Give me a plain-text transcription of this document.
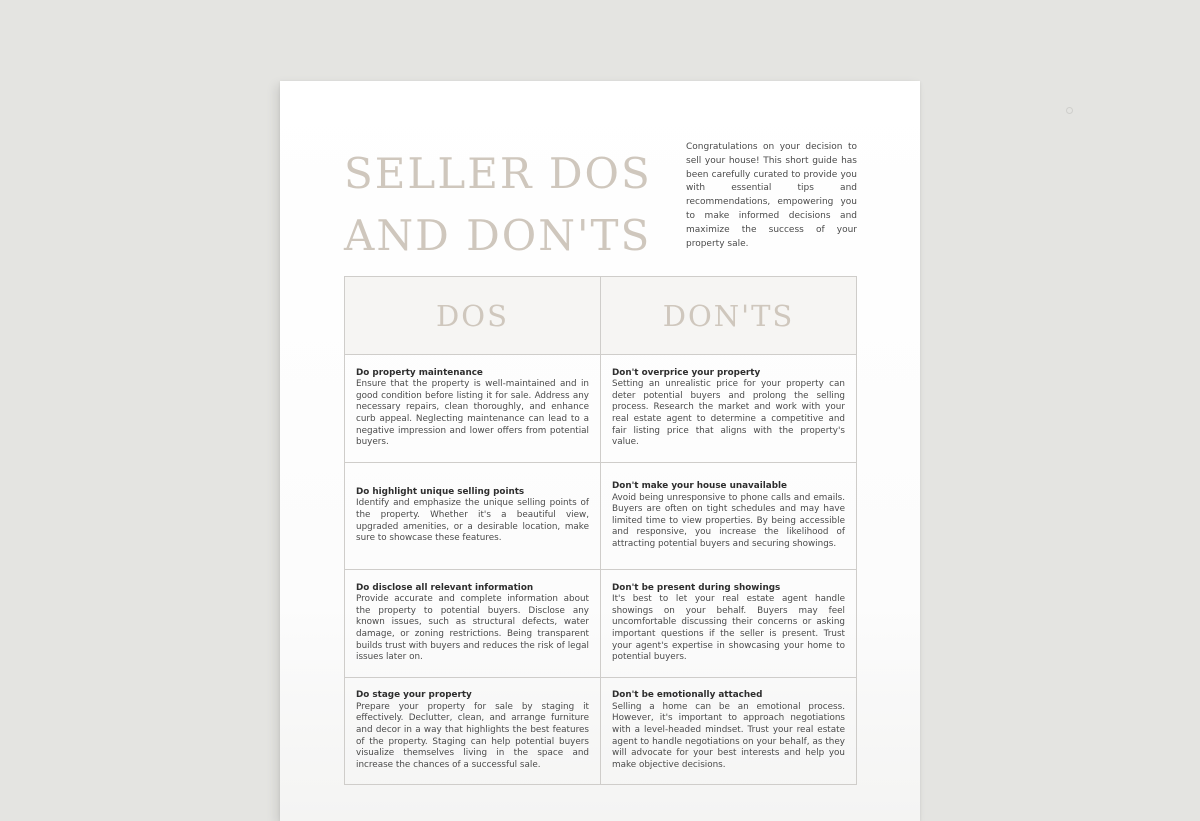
SELLER DOS
AND DON'TS

Congratulations on your decision to sell your house! This short guide has been carefully curated to provide you with essential tips and recommendations, empowering you to make informed decisions and maximize the success of your property sale.

DOS	DON'TS
Do property maintenance
Ensure that the property is well-maintained and in good condition before listing it for sale. Address any necessary repairs, clean thoroughly, and enhance curb appeal. Neglecting maintenance can lead to a negative impression and lower offers from potential buyers.
Don't overprice your property
Setting an unrealistic price for your property can deter potential buyers and prolong the selling process. Research the market and work with your real estate agent to determine a competitive and fair listing price that aligns with the property's value.
Do highlight unique selling points
Identify and emphasize the unique selling points of the property. Whether it's a beautiful view, upgraded amenities, or a desirable location, make sure to showcase these features.
Don't make your house unavailable
Avoid being unresponsive to phone calls and emails. Buyers are often on tight schedules and may have limited time to view properties. By being accessible and responsive, you increase the likelihood of attracting potential buyers and securing showings.
Do disclose all relevant information
Provide accurate and complete information about the property to potential buyers. Disclose any known issues, such as structural defects, water damage, or zoning restrictions. Being transparent builds trust with buyers and reduces the risk of legal issues later on.
Don't be present during showings
It's best to let your real estate agent handle showings on your behalf. Buyers may feel uncomfortable discussing their concerns or asking important questions if the seller is present. Trust your agent's expertise in showcasing your home to potential buyers.
Do stage your property
Prepare your property for sale by staging it effectively. Declutter, clean, and arrange furniture and decor in a way that highlights the best features of the property. Staging can help potential buyers visualize themselves living in the space and increase the chances of a successful sale.
Don't be emotionally attached
Selling a home can be an emotional process. However, it's important to approach negotiations with a level-headed mindset. Trust your real estate agent to handle negotiations on your behalf, as they will advocate for your best interests and help you make objective decisions.
